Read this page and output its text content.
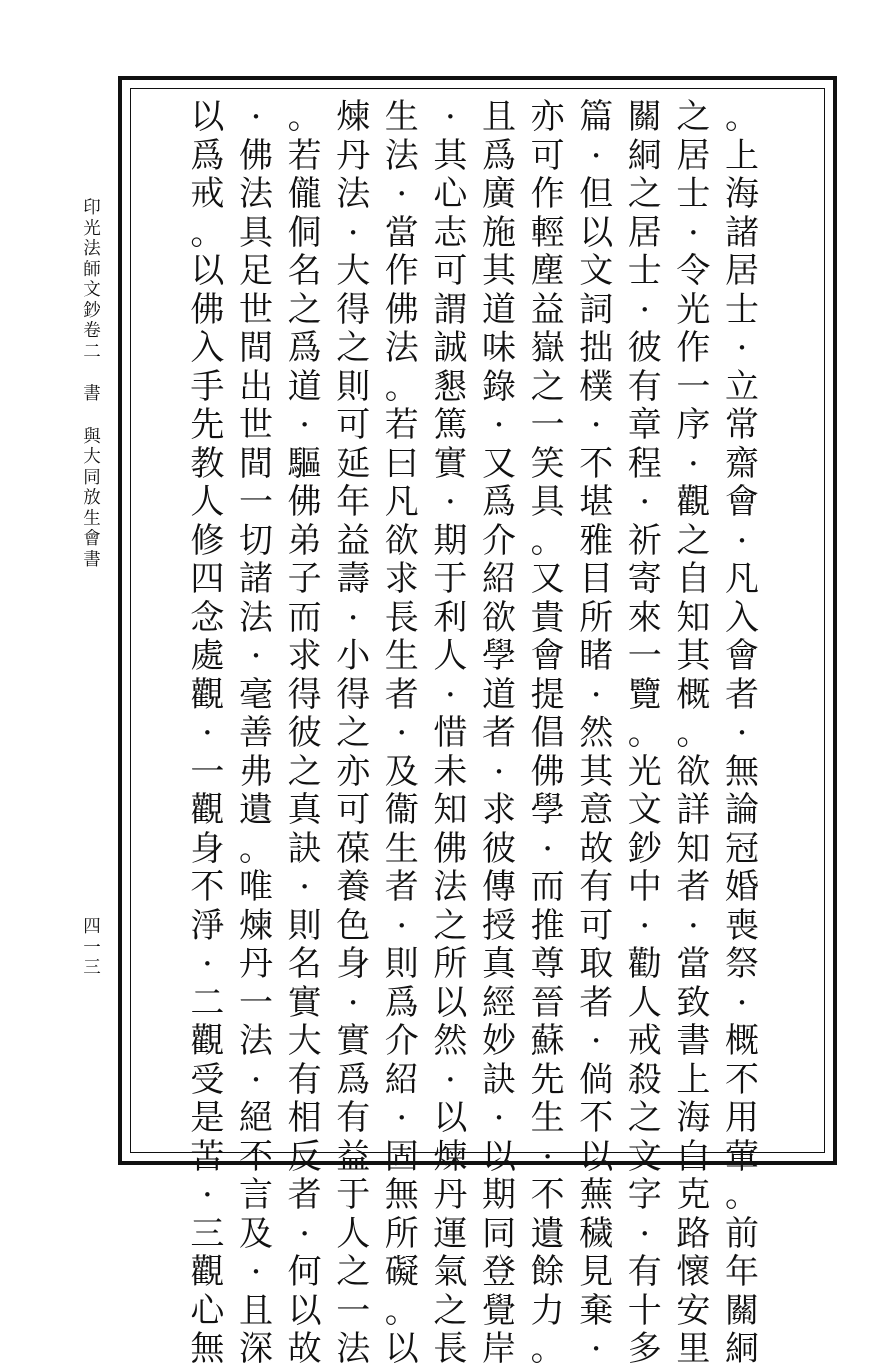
印
光
法
師
文
鈔
卷
二
書
與
大
同
放
生
會
書
四
一
三
。
上
海
諸
居
士
·
立
常
齋
會
·
凡
入
會
者
·
無
論
冠
婚
喪
祭
·
概
不
用
葷
。
前
年
關
絧
之
居
士
·
令
光
作
一
序
·
觀
之
自
知
其
概
。
欲
詳
知
者
·
當
致
書
上
海
白
克
路
懷
安
里
關
絧
之
居
士
·
彼
有
章
程
·
祈
寄
來
一
覽
。
光
文
鈔
中
·
勸
人
戒
殺
之
文
字
·
有
十
多
篇
·
但
以
文
詞
拙
樸
·
不
堪
雅
目
所
睹
·
然
其
意
故
有
可
取
者
·
倘
不
以
蕪
穢
見
棄
·
亦
可
作
輕
塵
益
嶽
之
一
笑
具
。
又
貴
會
提
倡
佛
學
·
而
推
尊
晉
蘇
先
生
·
不
遺
餘
力
。
且
爲
廣
施
其
道
味
錄
·
又
爲
介
紹
欲
學
道
者
·
求
彼
傳
授
真
經
妙
訣
·
以
期
同
登
覺
岸
·
其
心
志
可
謂
誠
懇
篤
實
·
期
于
利
人
·
惜
未
知
佛
法
之
所
以
然
·
以
煉
丹
運
氣
之
長
生
法
·
當
作
佛
法
。
若
曰
凡
欲
求
長
生
者
·
及
衞
生
者
·
則
爲
介
紹
·
固
無
所
礙
。
以
煉
丹
法
·
大
得
之
則
可
延
年
益
壽
·
小
得
之
亦
可
葆
養
色
身
·
實
爲
有
益
于
人
之
一
法
。
若
儱
侗
名
之
爲
道
·
驅
佛
弟
子
而
求
得
彼
之
真
訣
·
則
名
實
大
有
相
反
者
·
何
以
故
·
佛
法
具
足
世
間
出
世
間
一
切
諸
法
·
毫
善
弗
遺
。
唯
煉
丹
一
法
·
絕
不
言
及
·
且
深
以
爲
戒
。
以
佛
入
手
先
教
人
修
四
念
處
觀
·
一
觀
身
不
淨
·
二
觀
受
是
苦
·
三
觀
心
無
